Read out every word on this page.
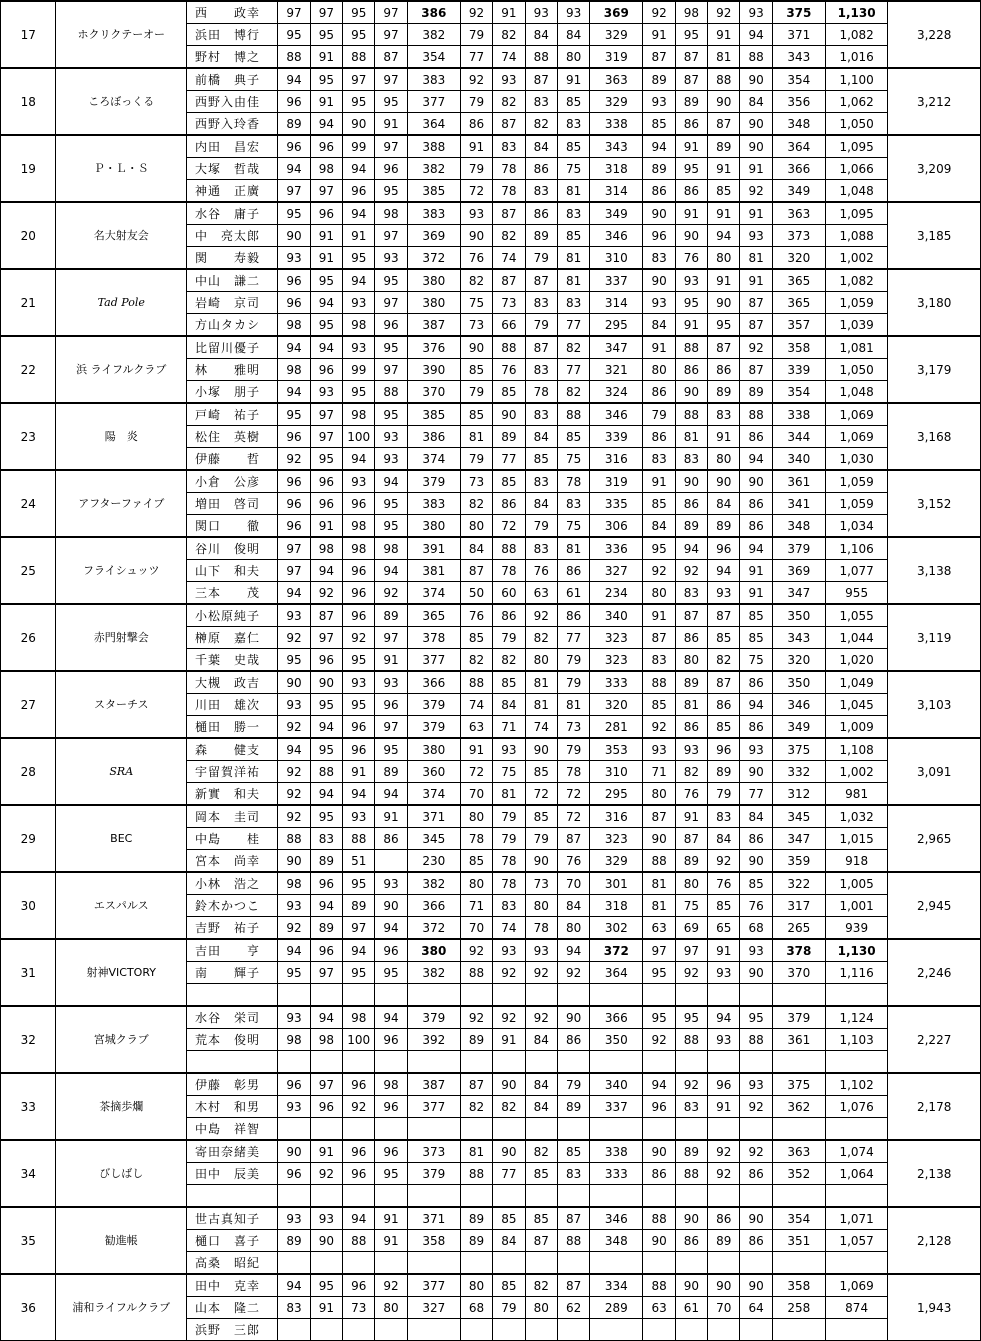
17	ホクリクテーオー	西　　政幸	97	97	95	97	386	92	91	93	93	369	92	98	92	93	375	1,130	3,228
		浜田　博行	95	95	95	97	382	79	82	84	84	329	91	95	91	94	371	1,082	
		野村　博之	88	91	88	87	354	77	74	88	80	319	87	87	81	88	343	1,016	
18	ころぼっくる	前橋　典子	94	95	97	97	383	92	93	87	91	363	89	87	88	90	354	1,100	3,212
		西野入由佳	96	91	95	95	377	79	82	83	85	329	93	89	90	84	356	1,062	
		西野入玲香	89	94	90	91	364	86	87	82	83	338	85	86	87	90	348	1,050	
19	Ｐ・Ｌ・Ｓ	内田　昌宏	96	96	99	97	388	91	83	84	85	343	94	91	89	90	364	1,095	3,209
		大塚　哲哉	94	98	94	96	382	79	78	86	75	318	89	95	91	91	366	1,066	
		神通　正廣	97	97	96	95	385	72	78	83	81	314	86	86	85	92	349	1,048	
20	名大射友会	水谷　庸子	95	96	94	98	383	93	87	86	83	349	90	91	91	91	363	1,095	3,185
		中　亮太郎	90	91	91	97	369	90	82	89	85	346	96	90	94	93	373	1,088	
		関　　寿毅	93	91	95	93	372	76	74	79	81	310	83	76	80	81	320	1,002	
21	Tad Pole	中山　謙二	96	95	94	95	380	82	87	87	81	337	90	93	91	91	365	1,082	3,180
		岩崎　京司	96	94	93	97	380	75	73	83	83	314	93	95	90	87	365	1,059	
		方山タカシ	98	95	98	96	387	73	66	79	77	295	84	91	95	87	357	1,039	
22	浜 ライフルクラブ	比留川優子	94	94	93	95	376	90	88	87	82	347	91	88	87	92	358	1,081	3,179
		林　　雅明	98	96	99	97	390	85	76	83	77	321	80	86	86	87	339	1,050	
		小塚　朋子	94	93	95	88	370	79	85	78	82	324	86	90	89	89	354	1,048	
23	陽　炎	戸崎　祐子	95	97	98	95	385	85	90	83	88	346	79	88	83	88	338	1,069	3,168
		松住　英樹	96	97	100	93	386	81	89	84	85	339	86	81	91	86	344	1,069	
		伊藤　　哲	92	95	94	93	374	79	77	85	75	316	83	83	80	94	340	1,030	
24	アフターファイブ	小倉　公彦	96	96	93	94	379	73	85	83	78	319	91	90	90	90	361	1,059	3,152
		増田　啓司	96	96	96	95	383	82	86	84	83	335	85	86	84	86	341	1,059	
		関口　　徹	96	91	98	95	380	80	72	79	75	306	84	89	89	86	348	1,034	
25	フライシュッツ	谷川　俊明	97	98	98	98	391	84	88	83	81	336	95	94	96	94	379	1,106	3,138
		山下　和夫	97	94	96	94	381	87	78	76	86	327	92	92	94	91	369	1,077	
		三本　　茂	94	92	96	92	374	50	60	63	61	234	80	83	93	91	347	955	
26	赤門射撃会	小松原純子	93	87	96	89	365	76	86	92	86	340	91	87	87	85	350	1,055	3,119
		榊原　嘉仁	92	97	92	97	378	85	79	82	77	323	87	86	85	85	343	1,044	
		千葉　史哉	95	96	95	91	377	82	82	80	79	323	83	80	82	75	320	1,020	
27	スターチス	大槻　政吉	90	90	93	93	366	88	85	81	79	333	88	89	87	86	350	1,049	3,103
		川田　雄次	93	95	95	96	379	74	84	81	81	320	85	81	86	94	346	1,045	
		樋田　勝一	92	94	96	97	379	63	71	74	73	281	92	86	85	86	349	1,009	
28	SRA	森　　健支	94	95	96	95	380	91	93	90	79	353	93	93	96	93	375	1,108	3,091
		宇留賀洋祐	92	88	91	89	360	72	75	85	78	310	71	82	89	90	332	1,002	
		新實　和夫	92	94	94	94	374	70	81	72	72	295	80	76	79	77	312	981	
29	BEC	岡本　圭司	92	95	93	91	371	80	79	85	72	316	87	91	83	84	345	1,032	2,965
		中島　　桂	88	83	88	86	345	78	79	79	87	323	90	87	84	86	347	1,015	
		宮本　尚幸	90	89	51		230	85	78	90	76	329	88	89	92	90	359	918	
30	エスパルス	小林　浩之	98	96	95	93	382	80	78	73	70	301	81	80	76	85	322	1,005	2,945
		鈴木かつこ	93	94	89	90	366	71	83	80	84	318	81	75	85	76	317	1,001	
		吉野　祐子	92	89	97	94	372	70	74	78	80	302	63	69	65	68	265	939	
31	射神VICTORY	吉田　　亨	94	96	94	96	380	92	93	93	94	372	97	97	91	93	378	1,130	2,246
		南　　輝子	95	97	95	95	382	88	92	92	92	364	95	92	93	90	370	1,116	

32	宮城クラブ	水谷　栄司	93	94	98	94	379	92	92	92	90	366	95	95	94	95	379	1,124	2,227
		荒本　俊明	98	98	100	96	392	89	91	84	86	350	92	88	93	88	361	1,103	

33	茶摘歩爛	伊藤　彰男	96	97	96	98	387	87	90	84	79	340	94	92	96	93	375	1,102	2,178
		木村　和男	93	96	92	96	377	82	82	84	89	337	96	83	91	92	362	1,076	
		中島　祥智																	
34	びしばし	寄田奈緒美	90	91	96	96	373	81	90	82	85	338	90	89	92	92	363	1,074	2,138
		田中　辰美	96	92	96	95	379	88	77	85	83	333	86	88	92	86	352	1,064	

35	勧進帳	世古真知子	93	93	94	91	371	89	85	85	87	346	88	90	86	90	354	1,071	2,128
		樋口　喜子	89	90	88	91	358	89	84	87	88	348	90	86	89	86	351	1,057	
		高桑　昭紀																	
36	浦和ライフルクラブ	田中　克幸	94	95	96	92	377	80	85	82	87	334	88	90	90	90	358	1,069	1,943
		山本　隆二	83	91	73	80	327	68	79	80	62	289	63	61	70	64	258	874	
		浜野　三郎																	
